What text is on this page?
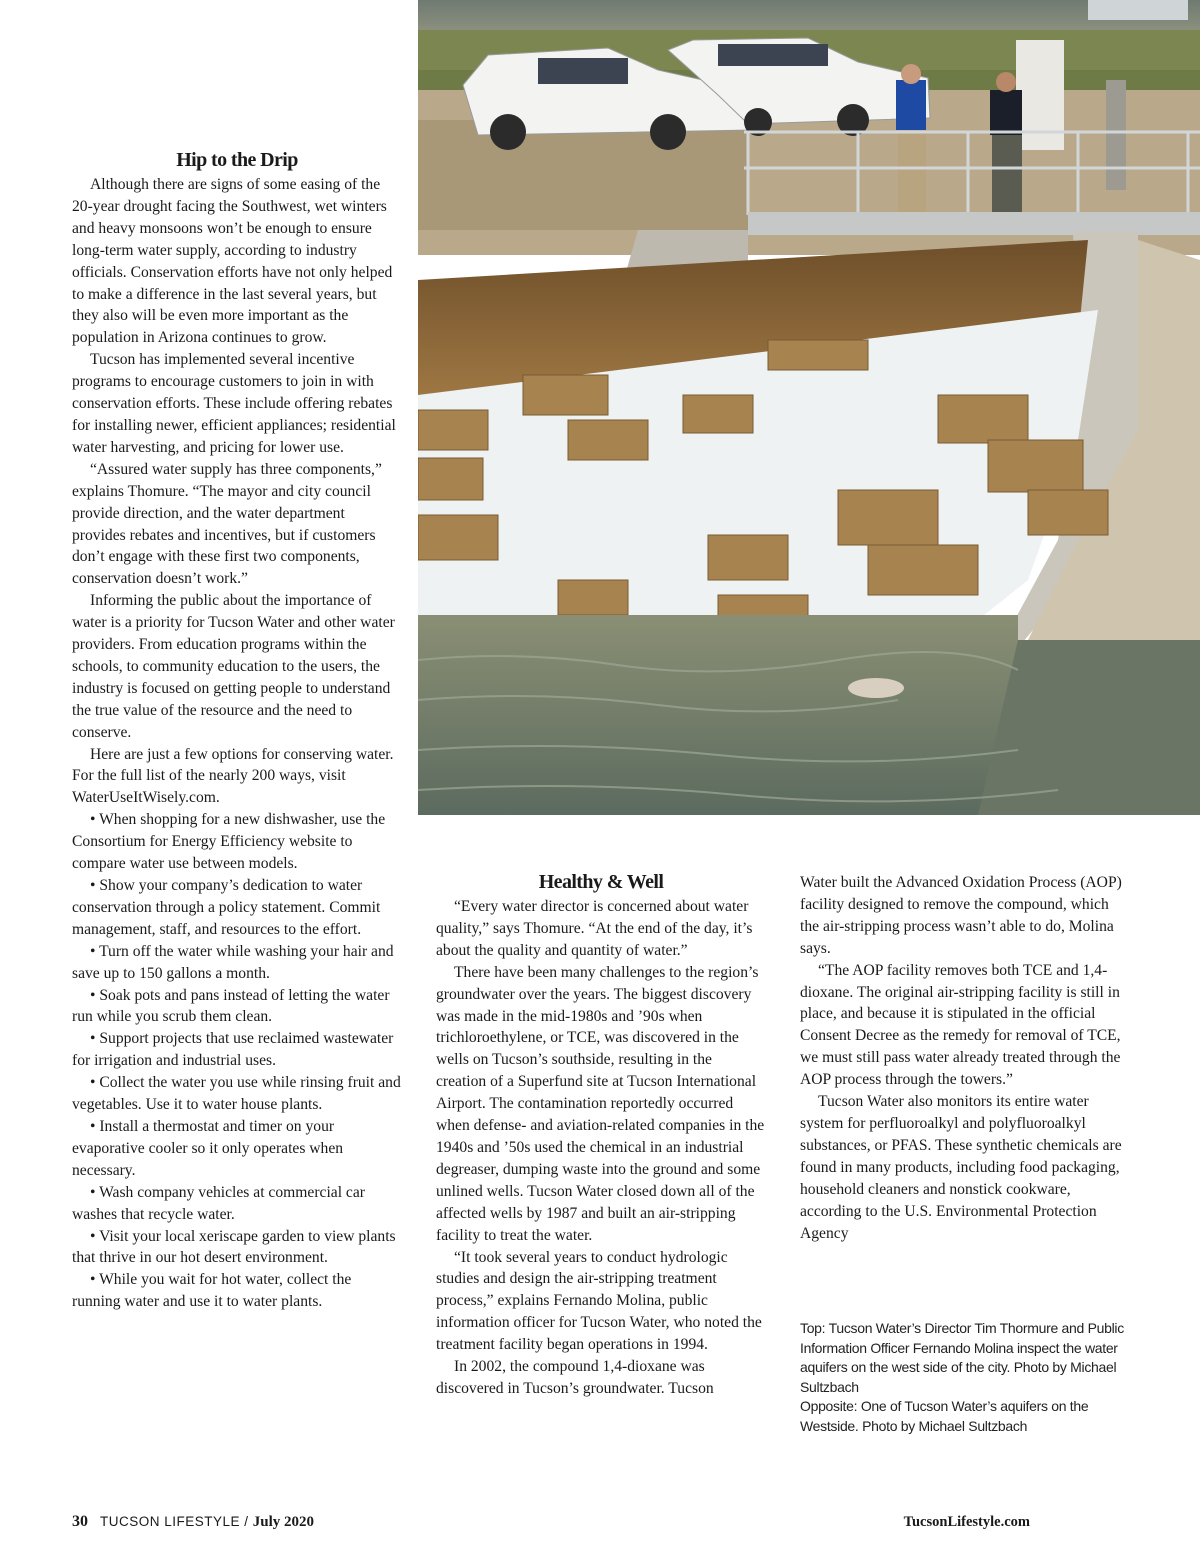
Hip to the Drip

Although there are signs of some easing of the 20-year drought facing the Southwest, wet winters and heavy monsoons won’t be enough to ensure long-term water supply, according to industry officials. Conservation efforts have not only helped to make a difference in the last several years, but they also will be even more important as the population in Arizona continues to grow.

Tucson has implemented several incentive programs to encourage customers to join in with conservation efforts. These include offering rebates for installing newer, efficient appliances; residential water harvesting, and pricing for lower use.

“Assured water supply has three components,” explains Thomure. “The mayor and city council provide direction, and the water department provides rebates and incentives, but if customers don’t engage with these first two components, conservation doesn’t work.”

Informing the public about the importance of water is a priority for Tucson Water and other water providers. From education programs within the schools, to community education to the users, the industry is focused on getting people to understand the true value of the resource and the need to conserve.

Here are just a few options for conserving water. For the full list of the nearly 200 ways, visit WaterUseItWisely.com.

• When shopping for a new dishwasher, use the Consortium for Energy Efficiency website to compare water use between models.

• Show your company’s dedication to water conservation through a policy statement. Commit management, staff, and resources to the effort.

• Turn off the water while washing your hair and save up to 150 gallons a month.

• Soak pots and pans instead of letting the water run while you scrub them clean.

• Support projects that use reclaimed wastewater for irrigation and industrial uses.

• Collect the water you use while rinsing fruit and vegetables. Use it to water house plants.

• Install a thermostat and timer on your evaporative cooler so it only operates when necessary.

• Wash company vehicles at commercial car washes that recycle water.

• Visit your local xeriscape garden to view plants that thrive in our hot desert environment.

• While you wait for hot water, collect the running water and use it to water plants.

Healthy & Well

“Every water director is concerned about water quality,” says Thomure. “At the end of the day, it’s about the quality and quantity of water.”

There have been many challenges to the region’s groundwater over the years. The biggest discovery was made in the mid-1980s and ’90s when trichloroethylene, or TCE, was discovered in the wells on Tucson’s southside, resulting in the creation of a Superfund site at Tucson International Airport. The contamination reportedly occurred when defense- and aviation-related companies in the 1940s and ’50s used the chemical in an industrial degreaser, dumping waste into the ground and some unlined wells. Tucson Water closed down all of the affected wells by 1987 and built an air-stripping facility to treat the water.

“It took several years to conduct hydrologic studies and design the air-stripping treatment process,” explains Fernando Molina, public information officer for Tucson Water, who noted the treatment facility began operations in 1994.

In 2002, the compound 1,4-dioxane was discovered in Tucson’s groundwater. Tucson

Water built the Advanced Oxidation Process (AOP) facility designed to remove the compound, which the air-stripping process wasn’t able to do, Molina says.

“The AOP facility removes both TCE and 1,4-dioxane. The original air-stripping facility is still in place, and because it is stipulated in the official Consent Decree as the remedy for removal of TCE, we must still pass water already treated through the AOP process through the towers.”

Tucson Water also monitors its entire water system for perfluoroalkyl and polyfluoroalkyl substances, or PFAS. These synthetic chemicals are found in many products, including food packaging, household cleaners and nonstick cookware, according to the U.S. Environmental Protection Agency

Top: Tucson Water’s Director Tim Thormure and Public Information Officer Fernando Molina inspect the water aquifers on the west side of the city. Photo by Michael Sultzbach

Opposite: One of Tucson Water’s aquifers on the Westside. Photo by Michael Sultzbach

30 TUCSON LIFESTYLE / July 2020	TucsonLifestyle.com
